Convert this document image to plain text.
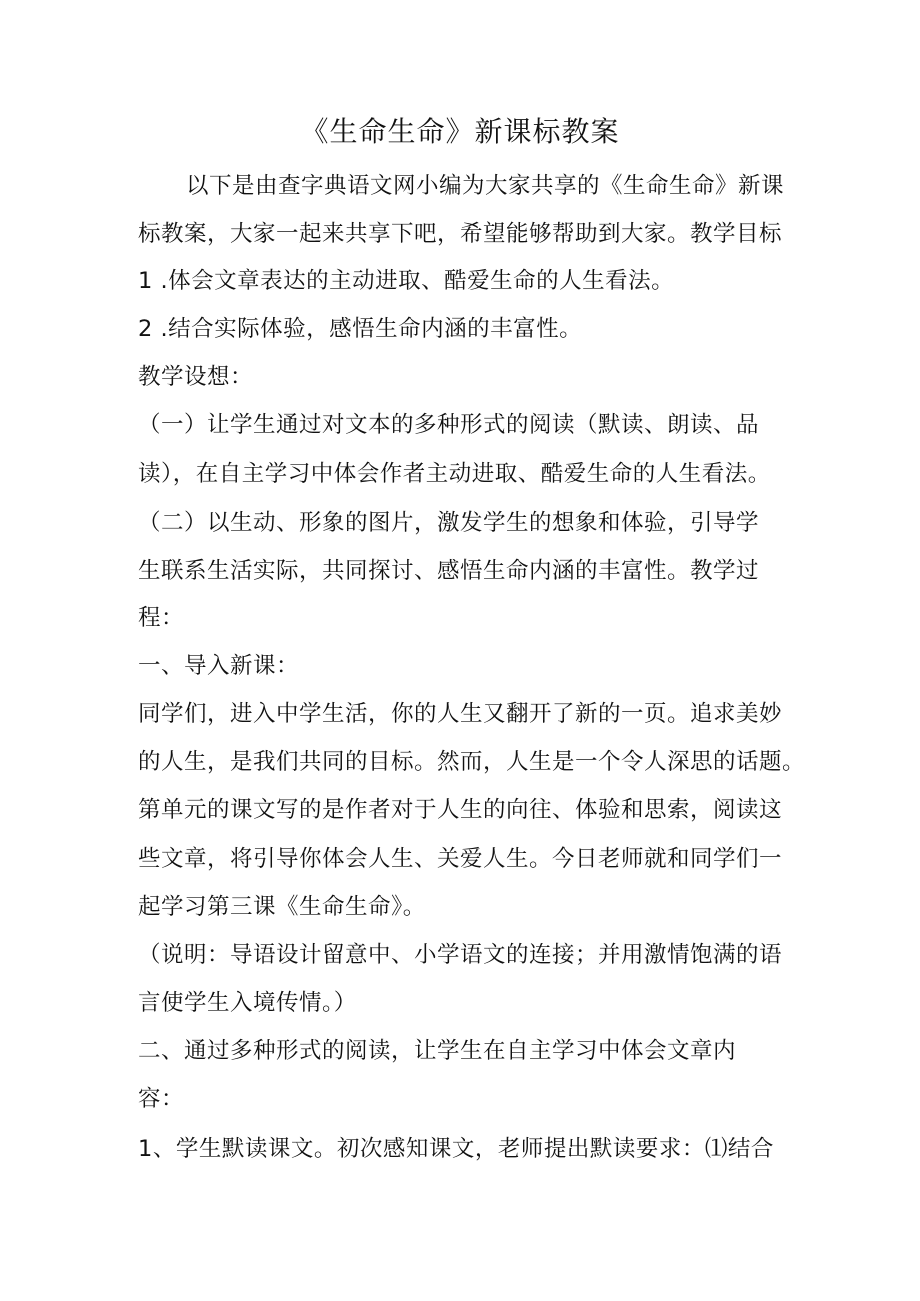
《生命生命》新课标教案
以下是由查字典语文网小编为大家共享的《生命生命》新课
标教案，大家一起来共享下吧，希望能够帮助到大家。教学目标
1 .体会文章表达的主动进取、酷爱生命的人生看法。
2 .结合实际体验，感悟生命内涵的丰富性。
教学设想：
（一）让学生通过对文本的多种形式的阅读（默读、朗读、品
读），在自主学习中体会作者主动进取、酷爱生命的人生看法。
（二）以生动、形象的图片，激发学生的想象和体验，引导学
生联系生活实际，共同探讨、感悟生命内涵的丰富性。教学过
程：
一、导入新课：
同学们，进入中学生活，你的人生又翻开了新的一页。追求美妙
的人生，是我们共同的目标。然而，人生是一个令人深思的话题。
第单元的课文写的是作者对于人生的向往、体验和思索，阅读这
些文章，将引导你体会人生、关爱人生。今日老师就和同学们一
起学习第三课《生命生命》。
（说明：导语设计留意中、小学语文的连接；并用激情饱满的语
言使学生入境传情。）
二、通过多种形式的阅读，让学生在自主学习中体会文章内
容：
1、学生默读课文。初次感知课文，老师提出默读要求：⑴结合
